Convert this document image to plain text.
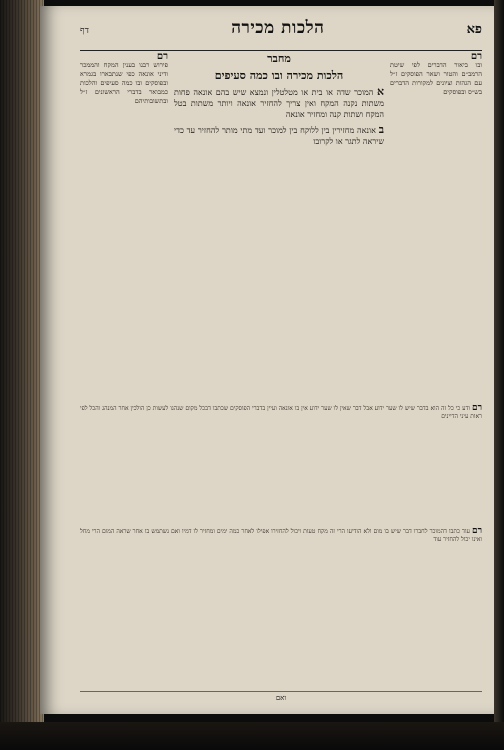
פא
הלכות מכירה
דף
רם
ובו ביאור הדברים לפי שיטת הרמב״ם והטור ושאר הפוסקים ז״ל עם הגהות וציונים למקורות הדברים בש״ס ובפוסקים
מחבר
הלכות מכירה ובו כמה סעיפים
א המוכר שדה או בית או מטלטלין ונמצא שיש בהם אונאה פחות משתות נקנה המקח ואין צריך להחזיר אונאה ויותר משתות בטל המקח ושתות קנה ומחזיר אונאה
ב אונאה מחזירין בין ללוקח בין למוכר ועד מתי מותר להחזיר עד כדי שיראה לתגר או לקרובו
רם
פירוש רבנו בענין המקח והממכר ודיני אונאה כפי שנתבארו בגמרא ובפוסקים ובו כמה סעיפים והלכות כמבואר בדברי הראשונים ז״ל ובתשובותיהם
רם ודע כי כל זה הוא בדבר שיש לו שער ידוע אבל דבר שאין לו שער ידוע אין בו אונאה ועיין בדברי הפוסקים שכתבו דבכל מקום שנהגו לעשות כן הולכין אחר המנהג והכל לפי ראות עיני הדיינים
רם עוד כתבו דהמוכר לחברו דבר שיש בו מום ולא הודיעו הרי זה מקח טעות ויכול להחזירו אפילו לאחר כמה ימים ומחזיר לו דמיו ואם נשתמש בו אחר שראה המום הרי מחל ואינו יכול להחזיר עוד
ואם
